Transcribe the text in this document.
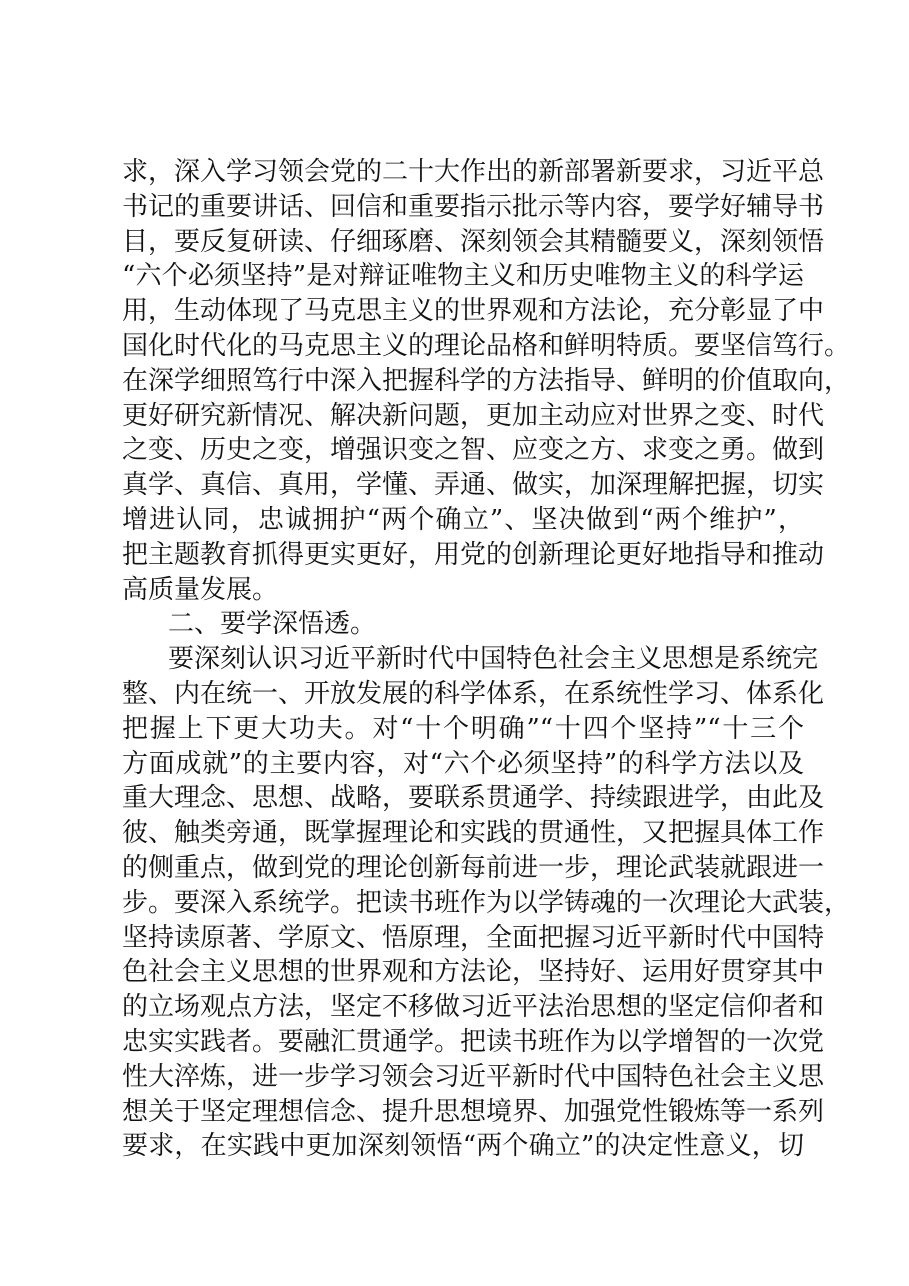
求，深入学习领会党的二十大作出的新部署新要求，习近平总
书记的重要讲话、回信和重要指示批示等内容，要学好辅导书
目，要反复研读、仔细琢磨、深刻领会其精髓要义，深刻领悟
“六个必须坚持”是对辩证唯物主义和历史唯物主义的科学运
用，生动体现了马克思主义的世界观和方法论，充分彰显了中
国化时代化的马克思主义的理论品格和鲜明特质。要坚信笃行。
在深学细照笃行中深入把握科学的方法指导、鲜明的价值取向，
更好研究新情况、解决新问题，更加主动应对世界之变、时代
之变、历史之变，增强识变之智、应变之方、求变之勇。做到
真学、真信、真用，学懂、弄通、做实，加深理解把握，切实
增进认同，忠诚拥护“两个确立”、坚决做到“两个维护”，
把主题教育抓得更实更好，用党的创新理论更好地指导和推动
高质量发展。
二、要学深悟透。
要深刻认识习近平新时代中国特色社会主义思想是系统完
整、内在统一、开放发展的科学体系，在系统性学习、体系化
把握上下更大功夫。对“十个明确”“十四个坚持”“十三个
方面成就”的主要内容，对“六个必须坚持”的科学方法以及
重大理念、思想、战略，要联系贯通学、持续跟进学，由此及
彼、触类旁通，既掌握理论和实践的贯通性，又把握具体工作
的侧重点，做到党的理论创新每前进一步，理论武装就跟进一
步。要深入系统学。把读书班作为以学铸魂的一次理论大武装，
坚持读原著、学原文、悟原理，全面把握习近平新时代中国特
色社会主义思想的世界观和方法论，坚持好、运用好贯穿其中
的立场观点方法，坚定不移做习近平法治思想的坚定信仰者和
忠实实践者。要融汇贯通学。把读书班作为以学增智的一次党
性大淬炼，进一步学习领会习近平新时代中国特色社会主义思
想关于坚定理想信念、提升思想境界、加强党性锻炼等一系列
要求，在实践中更加深刻领悟“两个确立”的决定性意义，切
